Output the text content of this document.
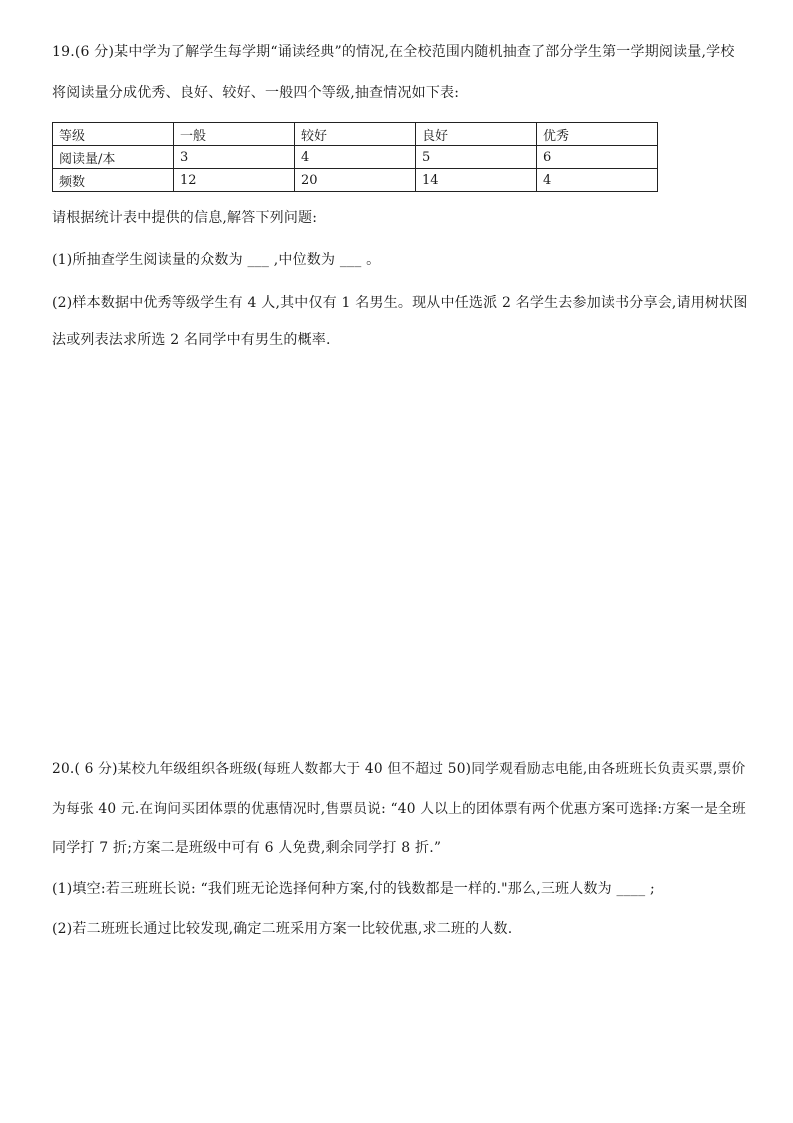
19.(6 分)某中学为了解学生每学期“诵读经典”的情况,在全校范围内随机抽查了部分学生第一学期阅读量,学校
将阅读量分成优秀、良好、较好、一般四个等级,抽查情况如下表:
等级	一般	较好	良好	优秀
阅读量/本	3	4	5	6
频数	12	20	14	4
请根据统计表中提供的信息,解答下列问题:
(1)所抽查学生阅读量的众数为 ___ ,中位数为 ___ 。
(2)样本数据中优秀等级学生有 4 人,其中仅有 1 名男生。现从中任选派 2 名学生去参加读书分享会,请用树状图
法或列表法求所选 2 名同学中有男生的概率.
20.( 6 分)某校九年级组织各班级(每班人数都大于 40 但不超过 50)同学观看励志电能,由各班班长负责买票,票价
为每张 40 元.在询问买团体票的优惠情况时,售票员说: “40 人以上的团体票有两个优惠方案可选择:方案一是全班
同学打 7 折;方案二是班级中可有 6 人免费,剩余同学打 8 折.”
(1)填空:若三班班长说: “我们班无论选择何种方案,付的钱数都是一样的."那么,三班人数为 ____ ;
(2)若二班班长通过比较发现,确定二班采用方案一比较优惠,求二班的人数.
